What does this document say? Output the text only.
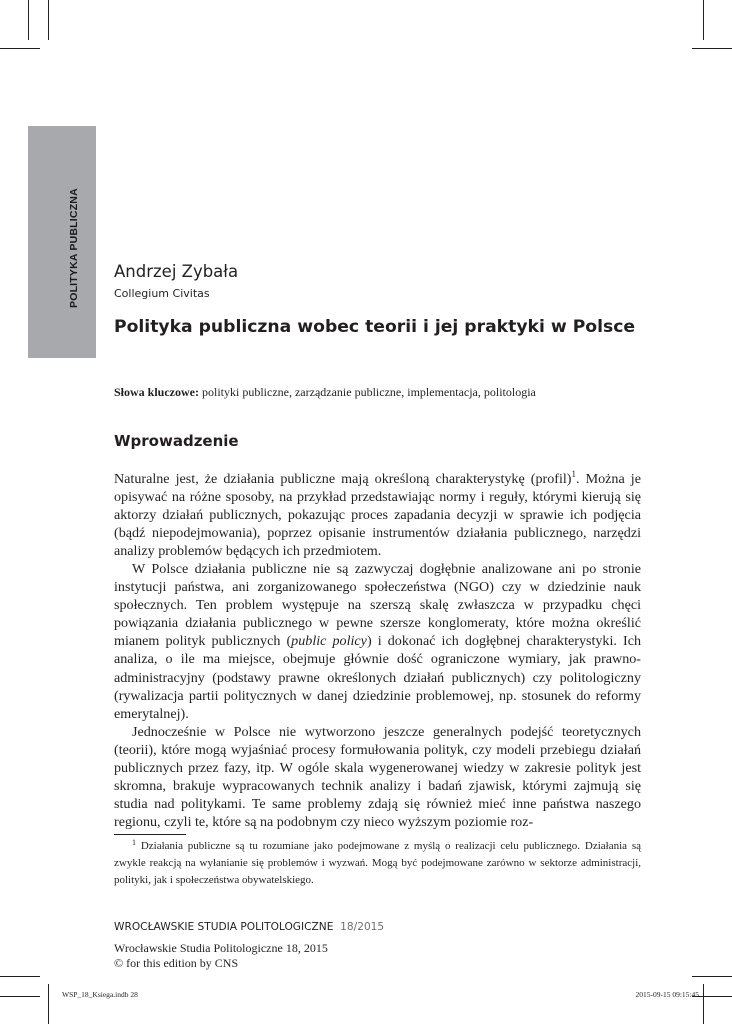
POLITYKA PUBLICZNA Andrzej Zybała
Collegium Civitas
Polityka publiczna wobec teorii i jej praktyki w Polsce
Słowa kluczowe: polityki publiczne, zarządzanie publiczne, implementacja, politologia
Wprowadzenie

Naturalne jest, że działania publiczne mają określoną charakterystykę (profil)$^1$. Można je opisywać na różne sposoby, na przykład przedstawiając normy i reguły, którymi kierują się aktorzy działań publicznych, pokazując proces zapadania decyzji w sprawie ich podjęcia (bądź niepodejmowania), poprzez opisanie instrumentów działania publicznego, narzędzi analizy problemów będących ich przedmiotem.

W Polsce działania publiczne nie są zazwyczaj dogłębnie analizowane ani po stronie instytucji państwa, ani zorganizowanego społeczeństwa (NGO) czy w dziedzinie nauk społecznych. Ten problem występuje na szerszą skalę zwłaszcza w przypadku chęci powiązania działania publicznego w pewne szersze konglomeraty, które można określić mianem polityk publicznych (public policy) i dokonać ich dogłębnej charakterystyki. Ich analiza, o ile ma miejsce, obejmuje głównie dość ograniczone wymiary, jak prawno-administracyjny (podstawy prawne określonych działań publicznych) czy politologiczny (rywalizacja partii politycznych w danej dziedzinie problemowej, np. stosunek do reformy emerytalnej).

Jednocześnie w Polsce nie wytworzono jeszcze generalnych podejść teoretycznych (teorii), które mogą wyjaśniać procesy formułowania polityk, czy modeli przebiegu działań publicznych przez fazy, itp. W ogóle skala wygenerowanej wiedzy w zakresie polityk jest skromna, brakuje wypracowanych technik analizy i badań zjawisk, którymi zajmują się studia nad politykami. Te same problemy zdają się również mieć inne państwa naszego regionu, czyli te, które są na podobnym czy nieco wyższym poziomie roz-

$^1$ Działania publiczne są tu rozumiane jako podejmowane z myślą o realizacji celu publicznego. Działania są zwykle reakcją na wyłanianie się problemów i wyzwań. Mogą być podejmowane zarówno w sektorze administracji, polityki, jak i społeczeństwa obywatelskiego.

WROCŁAWSKIE STUDIA POLITOLOGICZNE 18/2015
Wrocławskie Studia Politologiczne 18, 2015
© for this edition by CNS
WSP_18_Ksiega.indb 28	2015-09-15 09:15:45
